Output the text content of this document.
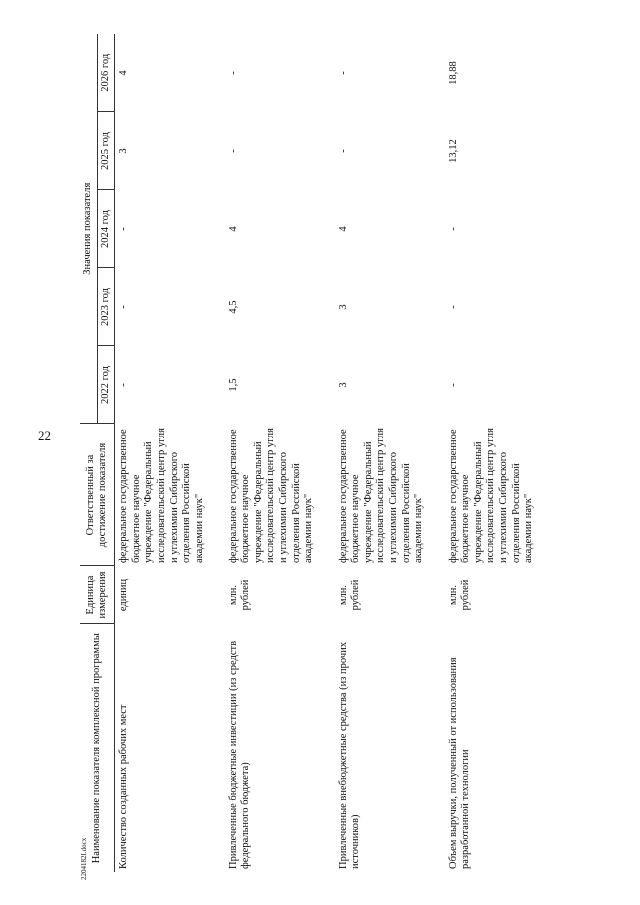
22
Наименование показателя комплексной программы	Единица измерения	Ответственный за достижение показателя	Значения показателя				
			2022 год	2023 год	2024 год	2025 год	2026 год
Количество созданных рабочих мест	единиц	федеральное государственное бюджетное научное учреждение "Федеральный исследовательский центр угля и углехимии Сибирского отделения Российской академии наук"	-	-	-	3	4
Привлеченные бюджетные инвестиции (из средств федерального бюджета)	млн. рублей	федеральное государственное бюджетное научное учреждение "Федеральный исследовательский центр угля и углехимии Сибирского отделения Российской академии наук"	1,5	4,5	4	-	-
Привлеченные внебюджетные средства (из прочих источников)	млн. рублей	федеральное государственное бюджетное научное учреждение "Федеральный исследовательский центр угля и углехимии Сибирского отделения Российской академии наук"	3	3	4	-	-
Объем выручки, полученный от использования разработанной технологии	млн. рублей	федеральное государственное бюджетное научное учреждение "Федеральный исследовательский центр угля и углехимии Сибирского отделения Российской академии наук"	-	-	-	13,12	18,88
2204182I.docx
